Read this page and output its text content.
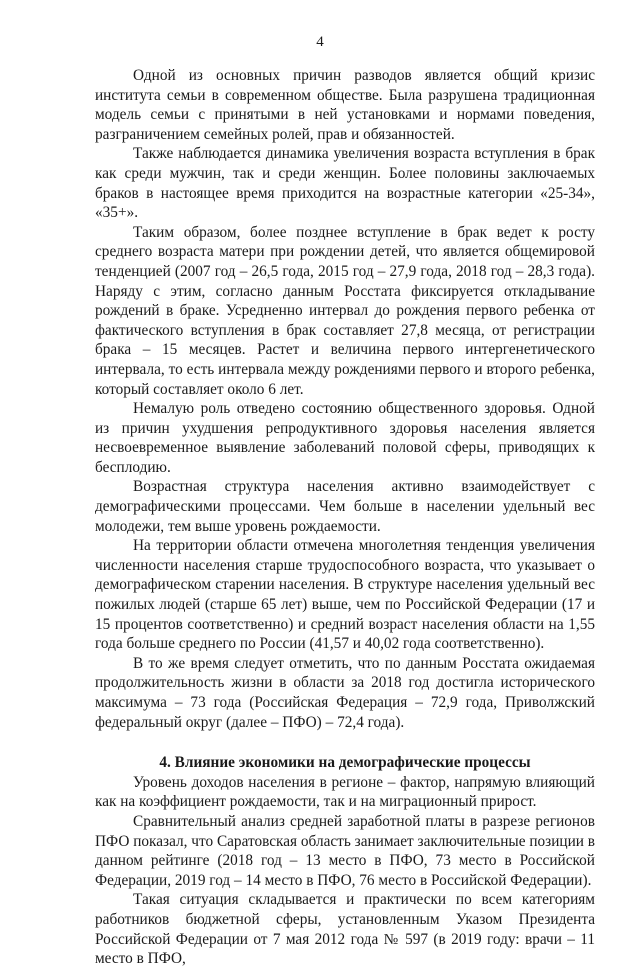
4

Одной из основных причин разводов является общий кризис института семьи в современном обществе. Была разрушена традиционная модель семьи с принятыми в ней установками и нормами поведения, разграничением семейных ролей, прав и обязанностей.

Также наблюдается динамика увеличения возраста вступления в брак как среди мужчин, так и среди женщин. Более половины заключаемых браков в настоящее время приходится на возрастные категории «25-34», «35+».

Таким образом, более позднее вступление в брак ведет к росту среднего возраста матери при рождении детей, что является общемировой тенденцией (2007 год – 26,5 года, 2015 год – 27,9 года, 2018 год – 28,3 года). Наряду с этим, согласно данным Росстата фиксируется откладывание рождений в браке. Усредненно интервал до рождения первого ребенка от фактического вступления в брак составляет 27,8 месяца, от регистрации брака – 15 месяцев. Растет и величина первого интергенетического интервала, то есть интервала между рождениями первого и второго ребенка, который составляет около 6 лет.

Немалую роль отведено состоянию общественного здоровья. Одной из причин ухудшения репродуктивного здоровья населения является несвоевременное выявление заболеваний половой сферы, приводящих к бесплодию.

Возрастная структура населения активно взаимодействует с демографическими процессами. Чем больше в населении удельный вес молодежи, тем выше уровень рождаемости.

На территории области отмечена многолетняя тенденция увеличения численности населения старше трудоспособного возраста, что указывает о демографическом старении населения. В структуре населения удельный вес пожилых людей (старше 65 лет) выше, чем по Российской Федерации (17 и 15 процентов соответственно) и средний возраст населения области на 1,55 года больше среднего по России (41,57 и 40,02 года соответственно).

В то же время следует отметить, что по данным Росстата ожидаемая продолжительность жизни в области за 2018 год достигла исторического максимума – 73 года (Российская Федерация – 72,9 года, Приволжский федеральный округ (далее – ПФО) – 72,4 года).

4. Влияние экономики на демографические процессы

Уровень доходов населения в регионе – фактор, напрямую влияющий как на коэффициент рождаемости, так и на миграционный прирост.

Сравнительный анализ средней заработной платы в разрезе регионов ПФО показал, что Саратовская область занимает заключительные позиции в данном рейтинге (2018 год – 13 место в ПФО, 73 место в Российской Федерации, 2019 год – 14 место в ПФО, 76 место в Российской Федерации).

Такая ситуация складывается и практически по всем категориям работников бюджетной сферы, установленным Указом Президента Российской Федерации от 7 мая 2012 года № 597 (в 2019 году: врачи – 11 место в ПФО,
